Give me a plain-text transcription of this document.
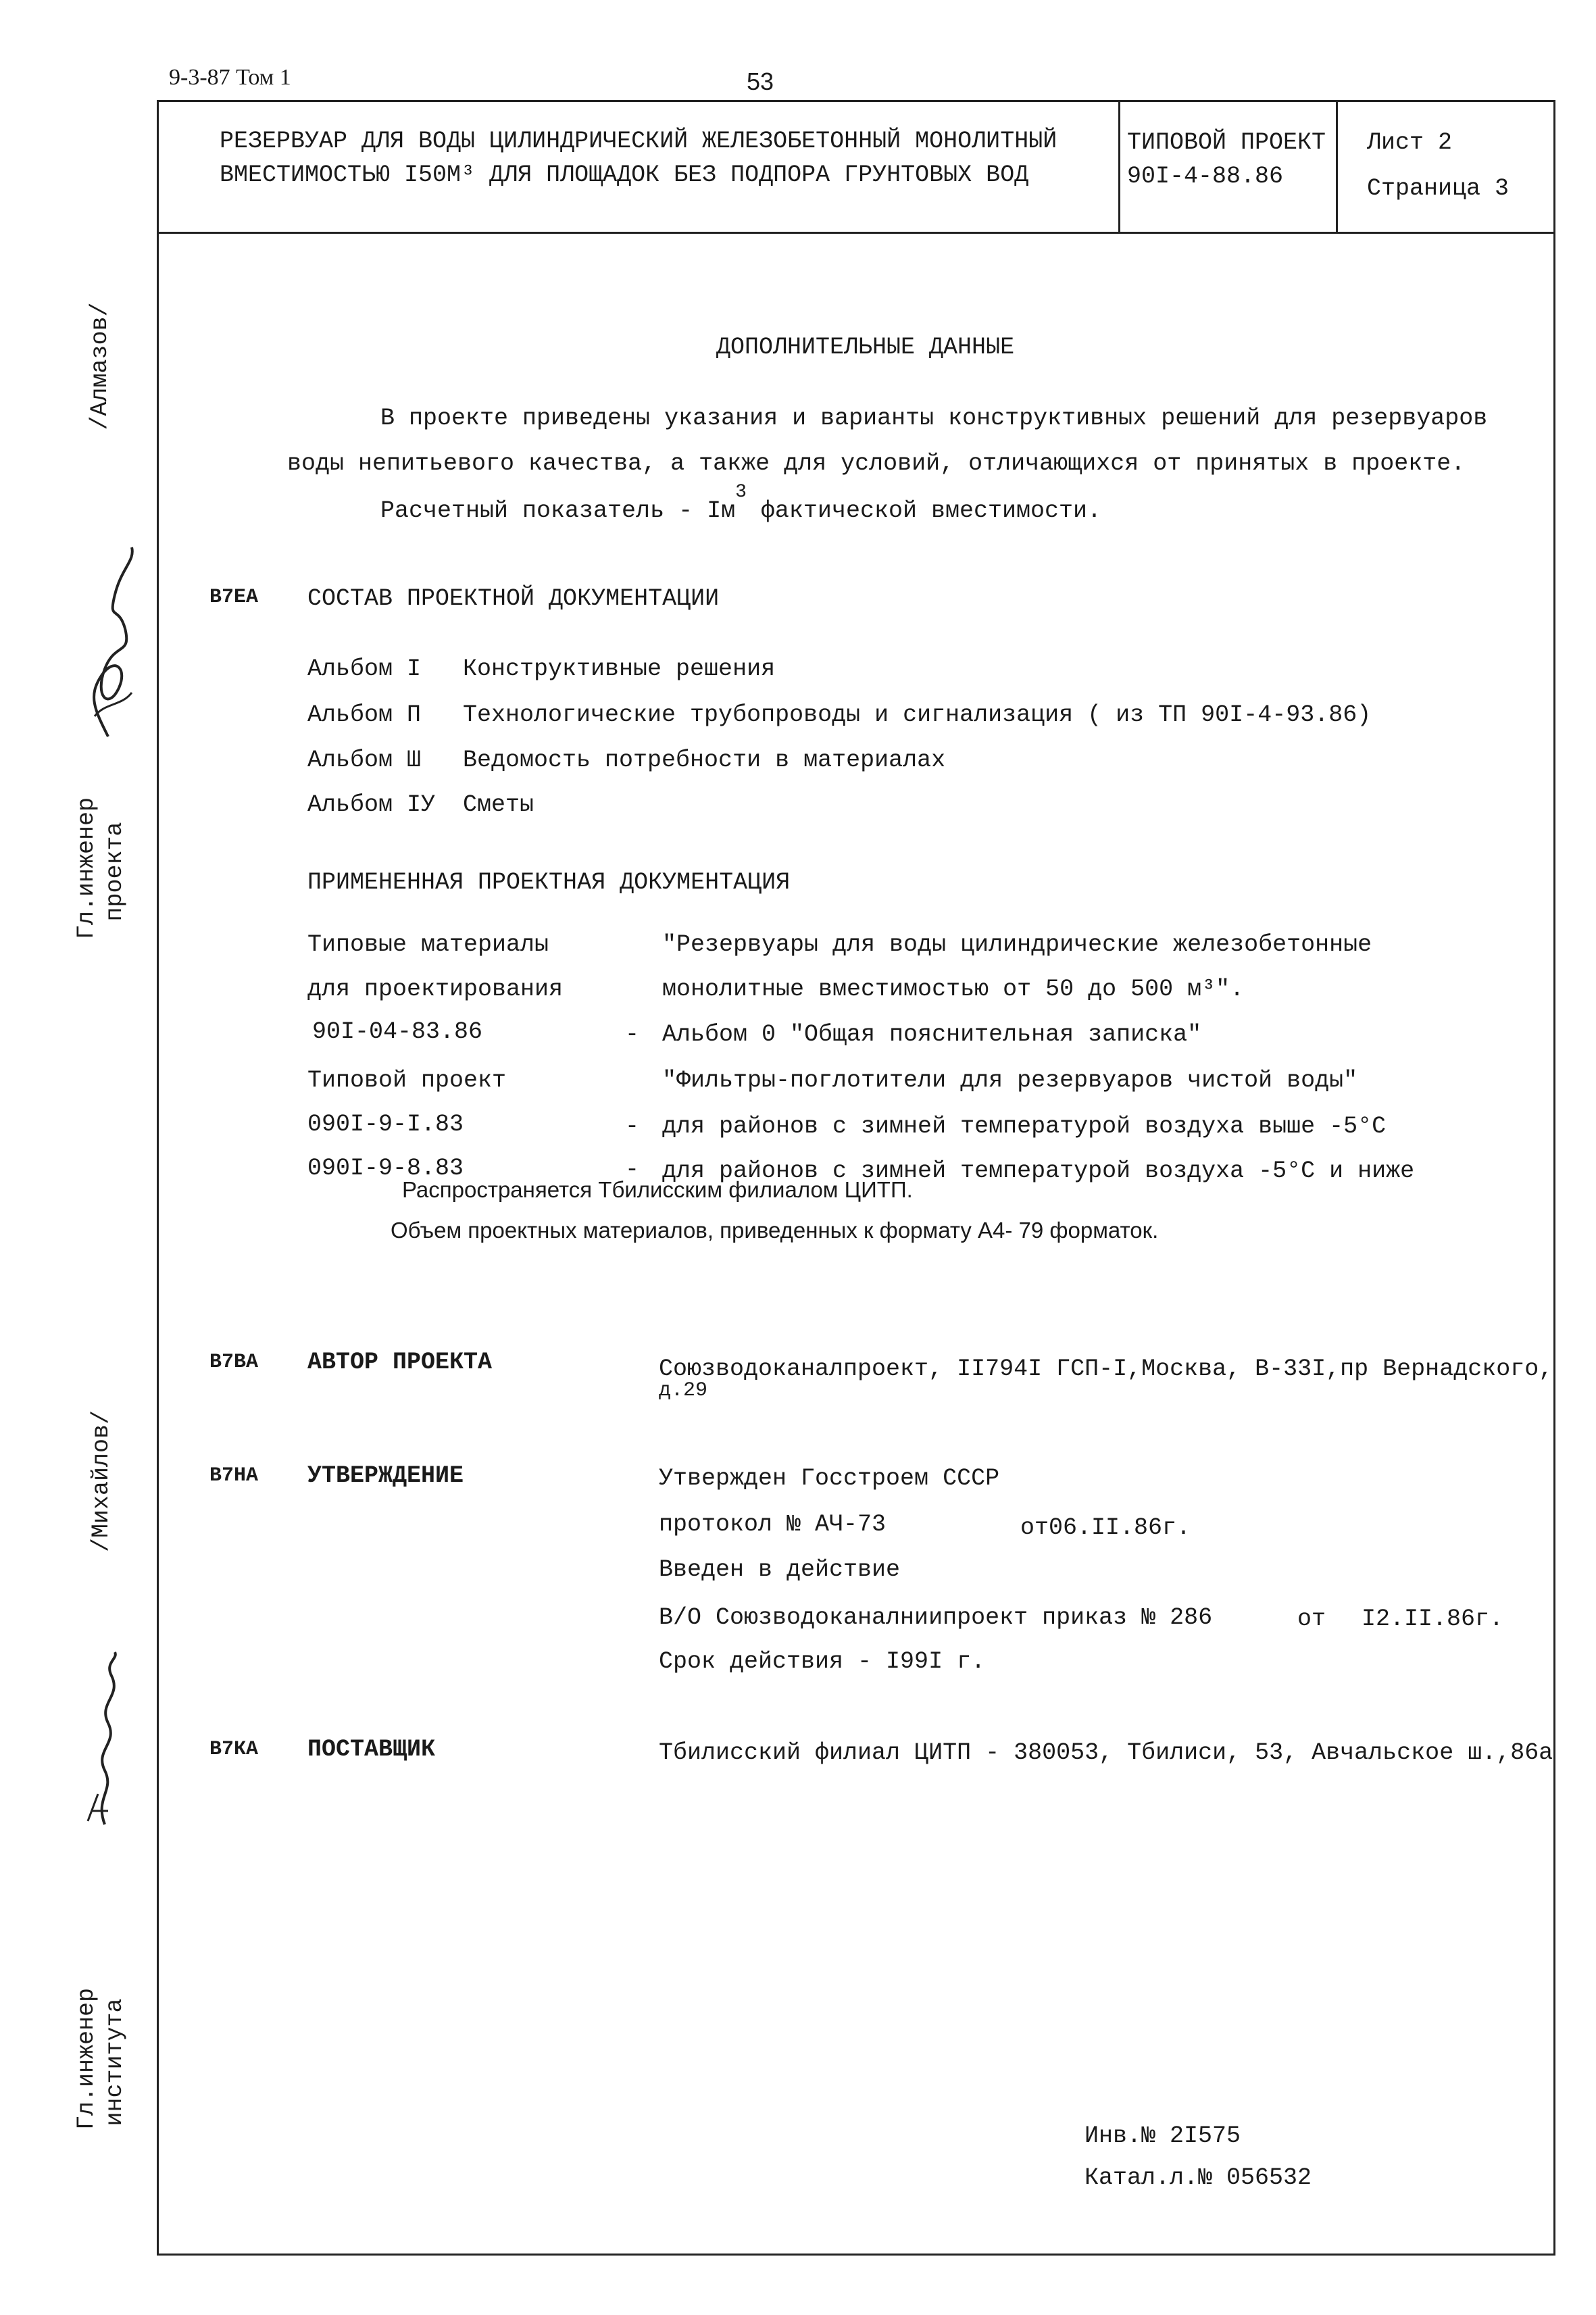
9-3-87 Том 1	53
РЕЗЕРВУАР ДЛЯ ВОДЫ ЦИЛИНДРИЧЕСКИЙ ЖЕЛЕЗОБЕТОННЫЙ МОНОЛИТНЫЙ
ВМЕСТИМОСТЬЮ I50М³ ДЛЯ ПЛОЩАДОК БЕЗ ПОДПОРА ГРУНТОВЫХ ВОД
ТИПОВОЙ ПРОЕКТ
90I-4-88.86
Лист 2
Страница 3
/Алмазов/
/Михайлов/
Гл.инженер проекта
Гл.инженер института
ДОПОЛНИТЕЛЬНЫЕ ДАННЫЕ
В проекте приведены указания и варианты конструктивных решений для резервуаров
воды непитьевого качества, а также для условий, отличающихся от принятых в проекте.
Расчетный показатель - $Iм^3$ фактической вместимости.
В7ЕА СОСТАВ ПРОЕКТНОЙ ДОКУМЕНТАЦИИ
Альбом I Конструктивные решения
Альбом П Технологические трубопроводы и сигнализация ( из ТП 90I-4-93.86)
Альбом Ш Ведомость потребности в материалах
Альбом IУ Сметы
ПРИМЕНЕННАЯ ПРОЕКТНАЯ ДОКУМЕНТАЦИЯ
Типовые материалы	"Резервуары для воды цилиндрические железобетонные
для проектирования	монолитные вместимостью от 50 до 500 м³".
90I-04-83.86	- Альбом 0 "Общая пояснительная записка"
Типовой проект	"Фильтры-поглотители для резервуаров чистой воды"
090I-9-I.83	- для районов с зимней температурой воздуха выше -5°С
090I-9-8.83	- для районов с зимней температурой воздуха -5°С и ниже
Распространяется Тбилисским филиалом ЦИТП.
Объем проектных материалов, приведенных к формату А4- 79 форматок.
В7ВА АВТОР ПРОЕКТА	Союзводоканалпроект, II794I ГСП-I,Москва, В-33I,пр Вернадского,
д.29
В7НА УТВЕРЖДЕНИЕ	Утвержден Госстроем СССР
протокол № АЧ-73	от06.II.86г.
Введен в действие
В/О Союзводоканалниипроект приказ № 286	от I2.II.86г.
Срок действия - I99I г.
В7КА ПОСТАВЩИК	Тбилисский филиал ЦИТП - 380053, Тбилиси, 53, Авчальское ш.,86а
Инв.№ 2I575
Катал.л.№ 056532
